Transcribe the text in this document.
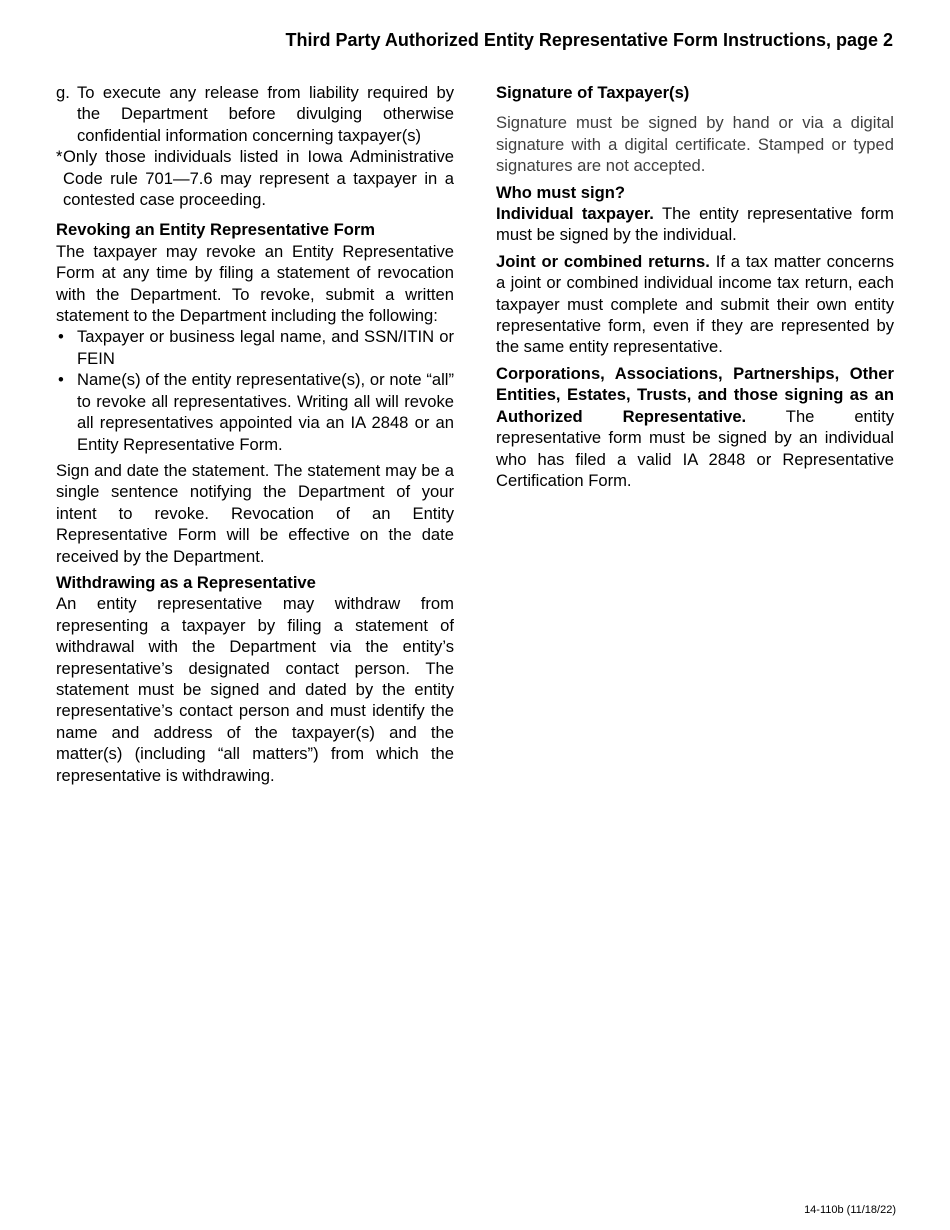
Third Party Authorized Entity Representative Form Instructions, page 2
g. To execute any release from liability required by the Department before divulging otherwise confidential information concerning taxpayer(s)
* Only those individuals listed in Iowa Administrative Code rule 701—7.6 may represent a taxpayer in a contested case proceeding.
Revoking an Entity Representative Form

The taxpayer may revoke an Entity Representative Form at any time by filing a statement of revocation with the Department. To revoke, submit a written statement to the Department including the following:

• Taxpayer or business legal name, and SSN/ITIN or FEIN
• Name(s) of the entity representative(s), or note “all” to revoke all representatives. Writing all will revoke all representatives appointed via an IA 2848 or an Entity Representative Form.

Sign and date the statement. The statement may be a single sentence notifying the Department of your intent to revoke. Revocation of an Entity Representative Form will be effective on the date received by the Department.

Withdrawing as a Representative

An entity representative may withdraw from representing a taxpayer by filing a statement of withdrawal with the Department via the entity’s representative’s designated contact person. The statement must be signed and dated by the entity representative’s contact person and must identify the name and address of the taxpayer(s) and the matter(s) (including “all matters”) from which the representative is withdrawing.

Signature of Taxpayer(s)

Signature must be signed by hand or via a digital signature with a digital certificate. Stamped or typed signatures are not accepted.

Who must sign?

Individual taxpayer. The entity representative form must be signed by the individual.

Joint or combined returns. If a tax matter concerns a joint or combined individual income tax return, each taxpayer must complete and submit their own entity representative form, even if they are represented by the same entity representative.

Corporations, Associations, Partnerships, Other Entities, Estates, Trusts, and those signing as an Authorized Representative. The entity representative form must be signed by an individual who has filed a valid IA 2848 or Representative Certification Form.

14-110b (11/18/22)
